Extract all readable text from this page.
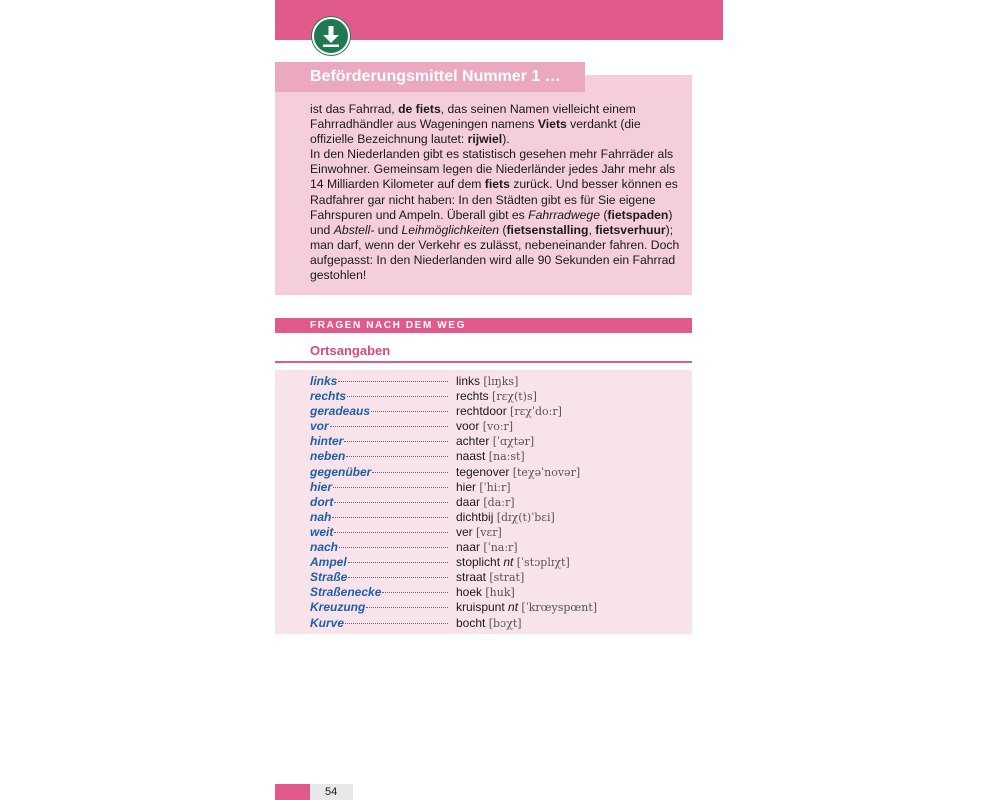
Beförderungsmittel Nummer 1 …

ist das Fahrrad, de fiets, das seinen Namen vielleicht einem Fahrradhändler aus Wageningen namens Viets verdankt (die offizielle Bezeichnung lautet: rijwiel).
In den Niederlanden gibt es statistisch gesehen mehr Fahrräder als Einwohner. Gemeinsam legen die Niederländer jedes Jahr mehr als 14 Milliarden Kilometer auf dem fiets zurück. Und besser können es Radfahrer gar nicht haben: In den Städten gibt es für Sie eigene Fahrspuren und Ampeln. Überall gibt es Fahrradwege (fietspaden) und Abstell- und Leihmöglichkeiten (fietsenstalling, fietsverhuur); man darf, wenn der Verkehr es zulässt, nebeneinander fahren. Doch aufgepasst: In den Niederlanden wird alle 90 Sekunden ein Fahrrad gestohlen!

FRAGEN NACH DEM WEG
Ortsangaben
links	links [lɪŋks]
rechts	rechts [rɛχ(t)s]
geradeaus	rechtdoor [rɛχˈdoːr]
vor	voor [voːr]
hinter	achter [ˈɑχtər]
neben	naast [naːst]
gegenüber	tegenover [teχəˈnovər]
hier	hier [ˈhiːr]
dort	daar [daːr]
nah	dichtbij [dɪχ(t)ˈbɛi]
weit	ver [vɛr]
nach	naar [ˈnaːr]
Ampel	stoplicht nt [ˈstɔplɪχt]
Straße	straat [strat]
Straßenecke	hoek [huk]
Kreuzung	kruispunt nt [ˈkrœyspœnt]
Kurve	bocht [bɔχt]
54
